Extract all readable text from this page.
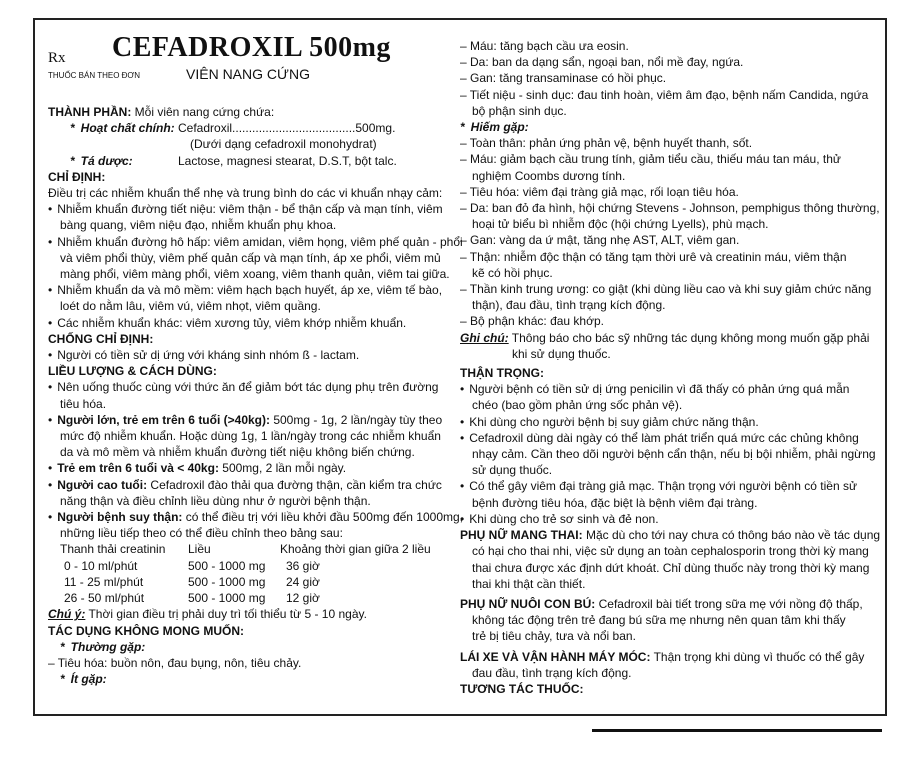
Rx CEFADROXIL 500mg
THUỐC BÁN THEO ĐƠN	VIÊN NANG CỨNG
THÀNH PHẦN: Mỗi viên nang cứng chứa:
* Hoạt chất chính: Cefadroxil.....................................500mg.
(Dưới dạng cefadroxil monohydrat)
* Tá dược:	Lactose, magnesi stearat, D.S.T, bột talc.
CHỈ ĐỊNH:
Điều trị các nhiễm khuẩn thể nhẹ và trung bình do các vi khuẩn nhạy cảm:
• Nhiễm khuẩn đường tiết niệu: viêm thận - bể thận cấp và mạn tính, viêm
bàng quang, viêm niệu đạo, nhiễm khuẩn phụ khoa.
• Nhiễm khuẩn đường hô hấp: viêm amidan, viêm họng, viêm phế quản - phổi
và viêm phổi thùy, viêm phế quản cấp và mạn tính, áp xe phổi, viêm mủ
màng phổi, viêm màng phổi, viêm xoang, viêm thanh quản, viêm tai giữa.
• Nhiễm khuẩn da và mô mềm: viêm hạch bạch huyết, áp xe, viêm tế bào,
loét do nằm lâu, viêm vú, viêm nhọt, viêm quầng.
• Các nhiễm khuẩn khác: viêm xương tủy, viêm khớp nhiễm khuẩn.
CHỐNG CHỈ ĐỊNH:
• Người có tiền sử dị ứng với kháng sinh nhóm ß - lactam.
LIỀU LƯỢNG & CÁCH DÙNG:
• Nên uống thuốc cùng với thức ăn để giảm bớt tác dụng phụ trên đường
tiêu hóa.
• Người lớn, trẻ em trên 6 tuổi (>40kg): 500mg - 1g, 2 lần/ngày tùy theo
mức độ nhiễm khuẩn. Hoặc dùng 1g, 1 lần/ngày trong các nhiễm khuẩn
da và mô mềm và nhiễm khuẩn đường tiết niệu không biến chứng.
• Trẻ em trên 6 tuổi và < 40kg: 500mg, 2 lần mỗi ngày.
• Người cao tuổi: Cefadroxil đào thải qua đường thận, cần kiểm tra chức
năng thận và điều chỉnh liều dùng như ở người bệnh thận.
• Người bệnh suy thận: có thể điều trị với liều khởi đầu 500mg đến 1000mg,
những liều tiếp theo có thể điều chỉnh theo bảng sau:
Thanh thải creatinin	Liều	Khoảng thời gian giữa 2 liều
0 - 10 ml/phút	500 - 1000 mg	36 giờ
11 - 25 ml/phút	500 - 1000 mg	24 giờ
26 - 50 ml/phút	500 - 1000 mg	12 giờ
Chú ý: Thời gian điều trị phải duy trì tối thiểu từ 5 - 10 ngày.
TÁC DỤNG KHÔNG MONG MUỐN:
* Thường gặp:
– Tiêu hóa: buồn nôn, đau bụng, nôn, tiêu chảy.
* Ít gặp:
– Máu: tăng bạch cầu ưa eosin.
– Da: ban da dạng sẩn, ngoại ban, nổi mề đay, ngứa.
– Gan: tăng transaminase có hồi phục.
– Tiết niệu - sinh dục: đau tinh hoàn, viêm âm đạo, bệnh nấm Candida, ngứa
bộ phận sinh dục.
* Hiếm gặp:
– Toàn thân: phản ứng phản vệ, bệnh huyết thanh, sốt.
– Máu: giảm bạch cầu trung tính, giảm tiểu cầu, thiếu máu tan máu, thử
nghiệm Coombs dương tính.
– Tiêu hóa: viêm đại tràng giả mạc, rối loạn tiêu hóa.
– Da: ban đỏ đa hình, hội chứng Stevens - Johnson, pemphigus thông thường,
hoại tử biểu bì nhiễm độc (hội chứng Lyells), phù mạch.
– Gan: vàng da ứ mật, tăng nhẹ AST, ALT, viêm gan.
– Thận: nhiễm độc thận có tăng tạm thời urê và creatinin máu, viêm thận
kẽ có hồi phục.
– Thần kinh trung ương: co giật (khi dùng liều cao và khi suy giảm chức năng
thận), đau đầu, tình trạng kích động.
– Bộ phận khác: đau khớp.
Ghi chú: Thông báo cho bác sỹ những tác dụng không mong muốn gặp phải
khi sử dụng thuốc.
THẬN TRỌNG:
• Người bệnh có tiền sử dị ứng penicilin vì đã thấy có phản ứng quá mẫn
chéo (bao gồm phản ứng sốc phản vệ).
• Khi dùng cho người bệnh bị suy giảm chức năng thận.
• Cefadroxil dùng dài ngày có thể làm phát triển quá mức các chủng không
nhạy cảm. Cần theo dõi người bệnh cẩn thận, nếu bị bội nhiễm, phải ngừng
sử dụng thuốc.
• Có thể gây viêm đại tràng giả mạc. Thận trọng với người bệnh có tiền sử
bệnh đường tiêu hóa, đặc biệt là bệnh viêm đại tràng.
• Khi dùng cho trẻ sơ sinh và đẻ non.
PHỤ NỮ MANG THAI: Mặc dù cho tới nay chưa có thông báo nào về tác dụng
có hại cho thai nhi, việc sử dụng an toàn cephalosporin trong thời kỳ mang
thai chưa được xác định dứt khoát. Chỉ dùng thuốc này trong thời kỳ mang
thai khi thật cần thiết.
PHỤ NỮ NUÔI CON BÚ: Cefadroxil bài tiết trong sữa mẹ với nồng độ thấp,
không tác động trên trẻ đang bú sữa mẹ nhưng nên quan tâm khi thấy
trẻ bị tiêu chảy, tưa và nổi ban.
LÁI XE VÀ VẬN HÀNH MÁY MÓC: Thận trọng khi dùng vì thuốc có thể gây
đau đầu, tình trạng kích động.
TƯƠNG TÁC THUỐC:
